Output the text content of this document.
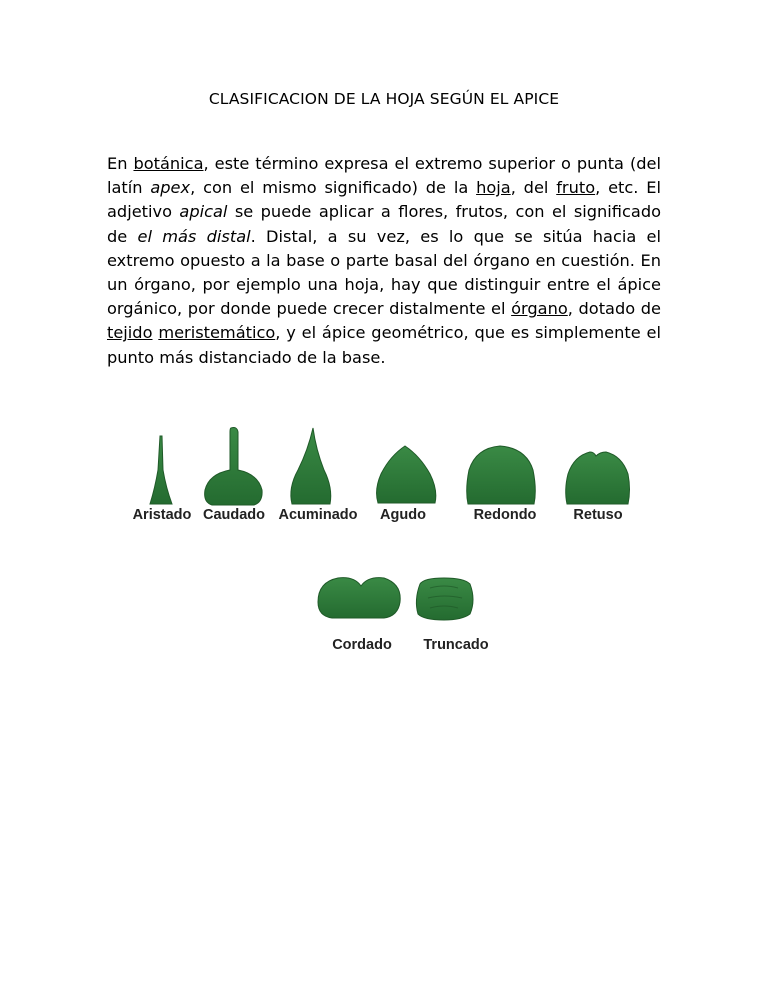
CLASIFICACION DE LA HOJA SEGÚN EL APICE
En botánica, este término expresa el extremo superior o punta (del latín apex, con el mismo significado) de la hoja, del fruto, etc. El adjetivo apical se puede aplicar a flores, frutos, con el significado de el más distal. Distal, a su vez, es lo que se sitúa hacia el extremo opuesto a la base o parte basal del órgano en cuestión. En un órgano, por ejemplo una hoja, hay que distinguir entre el ápice orgánico, por donde puede crecer distalmente el órgano, dotado de tejido meristemático, y el ápice geométrico, que es simplemente el punto más distanciado de la base.
Aristado Caudado Acuminado Agudo	Redondo	Retuso
Cordado Truncado
